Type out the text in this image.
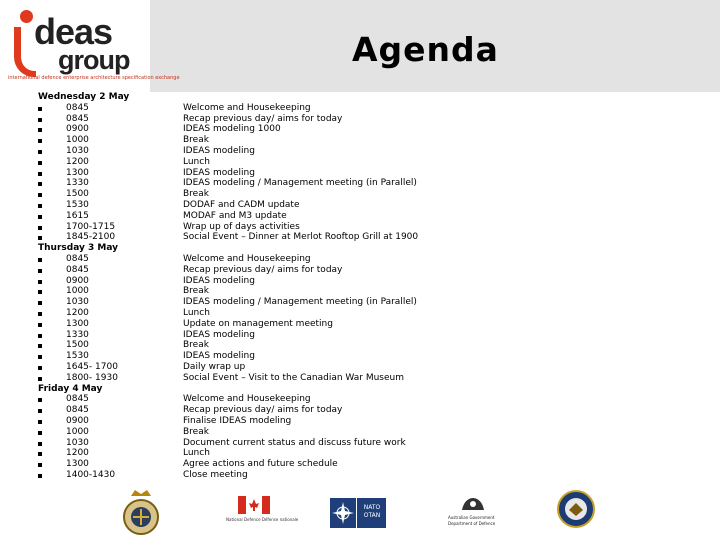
deas
group
international defence enterprise architecture specification exchange
Agenda
Wednesday 2 May
0845
0845
0900
1000
1030
1200
1300
1330
1500
1530
1615
1700-1715
1845-2100
Thursday 3 May
0845
0845
0900
1000
1030
1200
1300
1330
1500
1530
1645- 1700
1800- 1930
Friday 4 May
0845
0845
0900
1000
1030
1200
1300
1400-1430
Welcome and Housekeeping
Recap previous day/ aims for today
IDEAS modeling 1000
Break
IDEAS modeling
Lunch
IDEAS modeling
IDEAS modeling / Management meeting (in Parallel)
Break
DODAF and CADM update
MODAF and M3 update
Wrap up of days activities
Social Event – Dinner at Merlot Rooftop Grill at 1900
Welcome and Housekeeping
Recap previous day/ aims for today
IDEAS modeling
Break
IDEAS modeling / Management meeting (in Parallel)
Lunch
Update on management meeting
IDEAS modeling
Break
IDEAS modeling
Daily wrap up
Social Event – Visit to the Canadian War Museum
Welcome and Housekeeping
Recap previous day/ aims for today
Finalise IDEAS modeling
Break
Document current status and discuss future work
Lunch
Agree actions and future schedule
Close meeting
National Defence Défense nationale
NATO OTAN	Australian Government
Department of Defence
